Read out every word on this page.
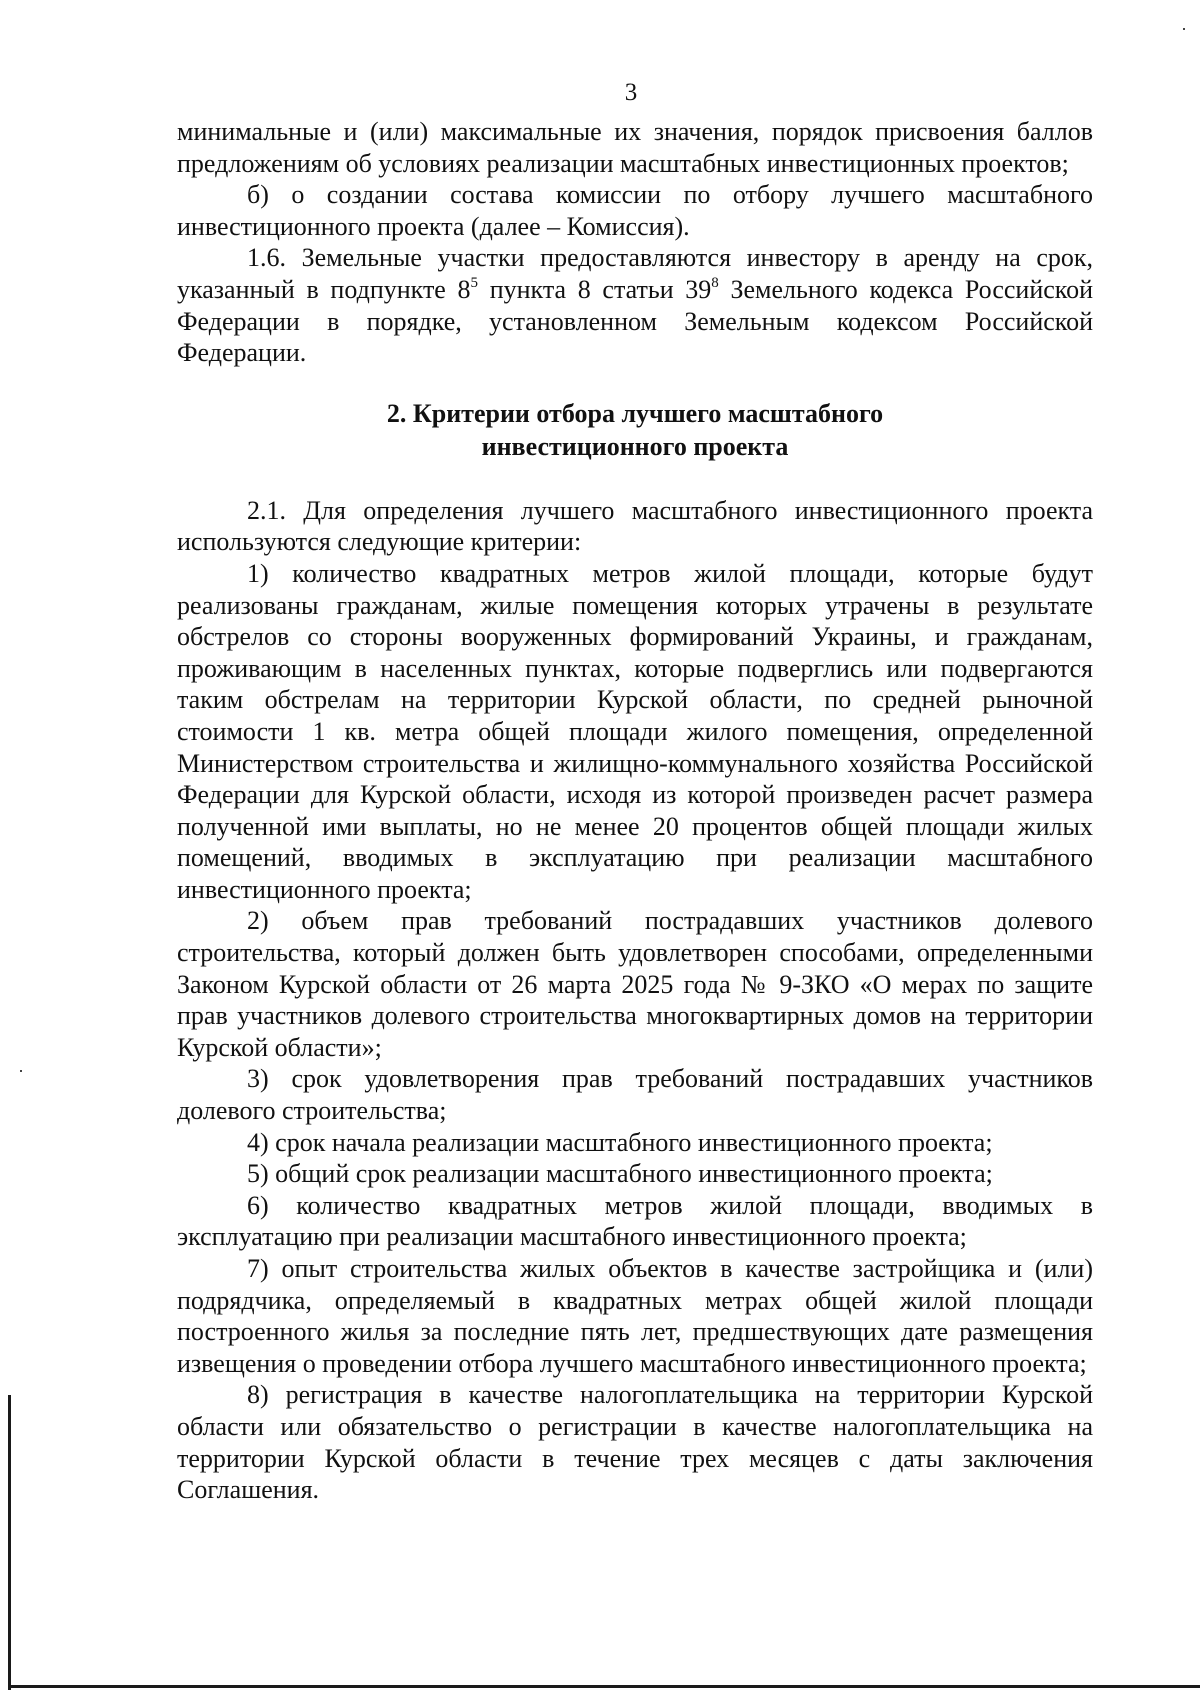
3

минимальные и (или) максимальные их значения, порядок присвоения баллов предложениям об условиях реализации масштабных инвестиционных проектов;

б) о создании состава комиссии по отбору лучшего масштабного инвестиционного проекта (далее – Комиссия).

1.6. Земельные участки предоставляются инвестору в аренду на срок, указанный в подпункте $8^5$ пункта 8 статьи $39^8$ Земельного кодекса Российской Федерации в порядке, установленном Земельным кодексом Российской Федерации.

2. Критерии отбора лучшего масштабного
инвестиционного проекта

2.1. Для определения лучшего масштабного инвестиционного проекта используются следующие критерии:

1) количество квадратных метров жилой площади, которые будут реализованы гражданам, жилые помещения которых утрачены в результате обстрелов со стороны вооруженных формирований Украины, и гражданам, проживающим в населенных пунктах, которые подверглись или подвергаются таким обстрелам на территории Курской области, по средней рыночной стоимости 1 кв. метра общей площади жилого помещения, определенной Министерством строительства и жилищно-коммунального хозяйства Российской Федерации для Курской области, исходя из которой произведен расчет размера полученной ими выплаты, но не менее 20 процентов общей площади жилых помещений, вводимых в эксплуатацию при реализации масштабного инвестиционного проекта;

2) объем прав требований пострадавших участников долевого строительства, который должен быть удовлетворен способами, определенными Законом Курской области от 26 марта 2025 года № 9-ЗКО «О мерах по защите прав участников долевого строительства многоквартирных домов на территории Курской области»;

3) срок удовлетворения прав требований пострадавших участников долевого строительства;

4) срок начала реализации масштабного инвестиционного проекта;

5) общий срок реализации масштабного инвестиционного проекта;

6) количество квадратных метров жилой площади, вводимых в эксплуатацию при реализации масштабного инвестиционного проекта;

7) опыт строительства жилых объектов в качестве застройщика и (или) подрядчика, определяемый в квадратных метрах общей жилой площади построенного жилья за последние пять лет, предшествующих дате размещения извещения о проведении отбора лучшего масштабного инвестиционного проекта;

8) регистрация в качестве налогоплательщика на территории Курской области или обязательство о регистрации в качестве налогоплательщика на территории Курской области в течение трех месяцев с даты заключения Соглашения.
